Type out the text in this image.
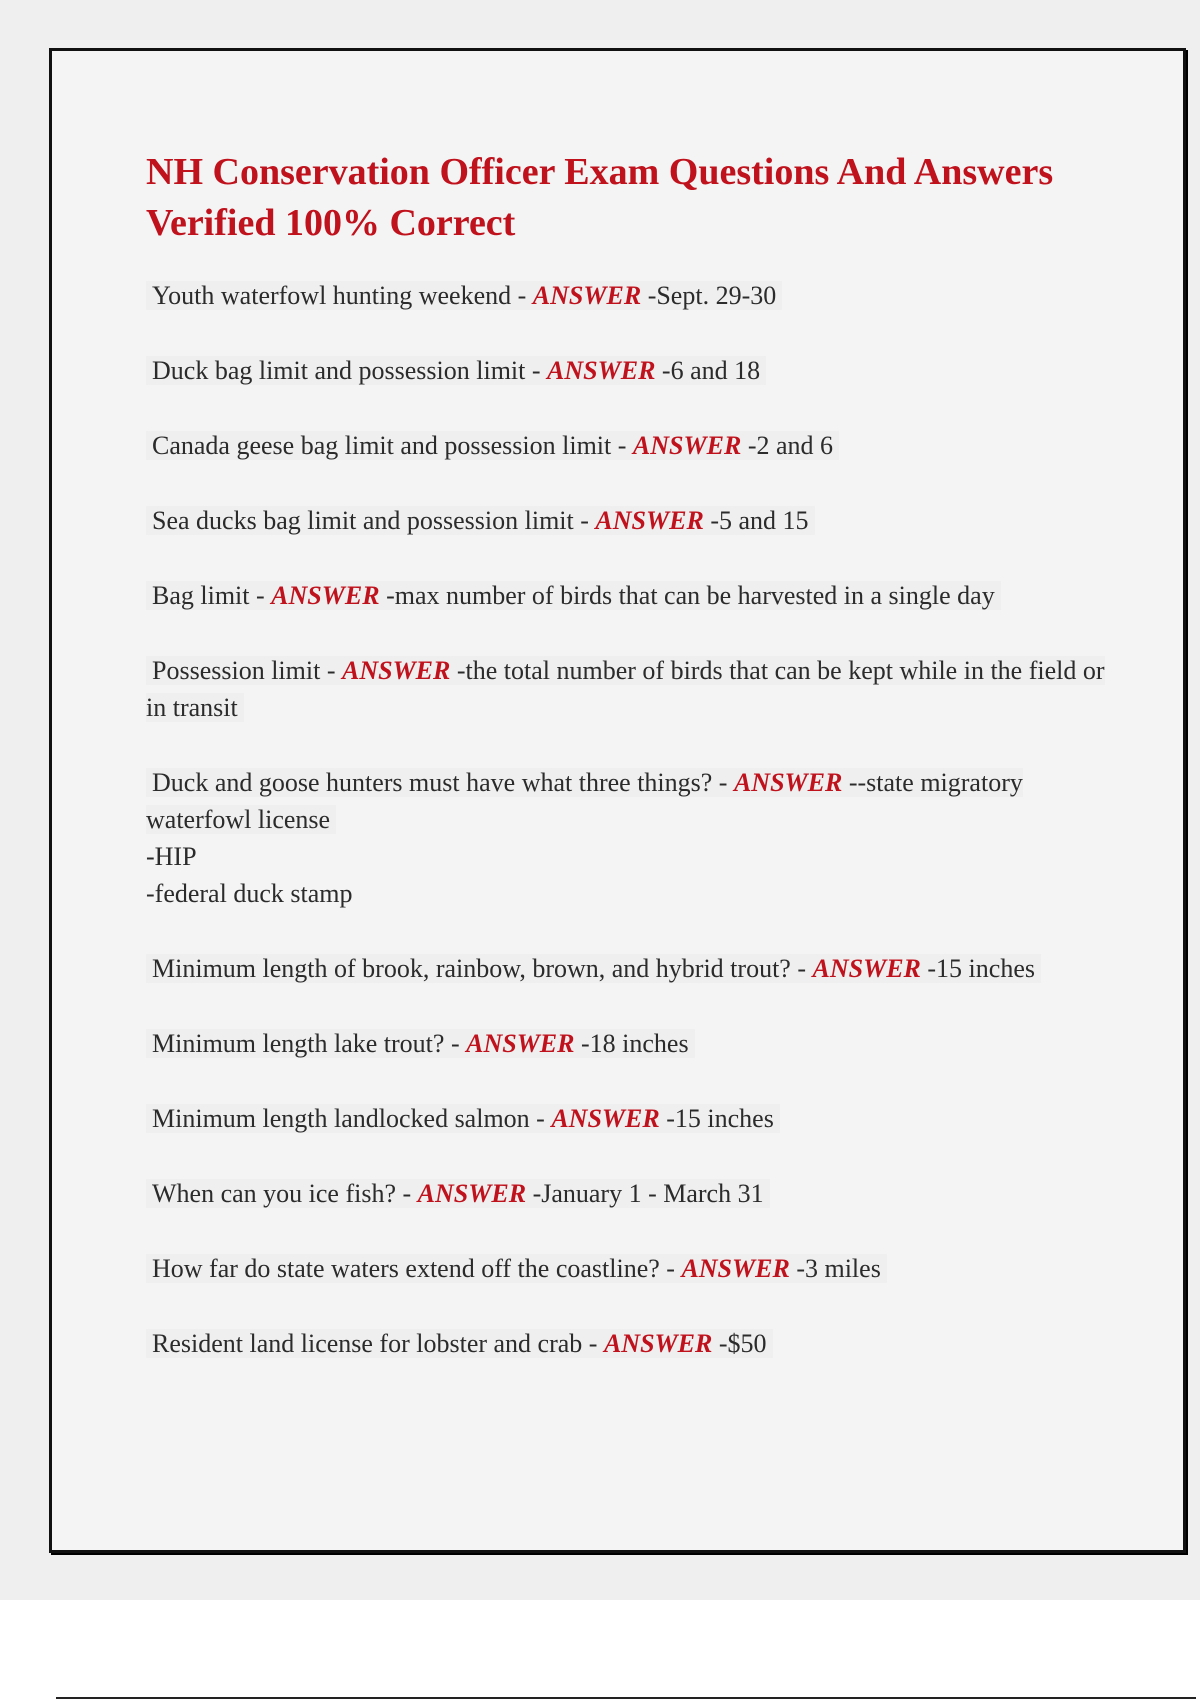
NH Conservation Officer Exam Questions And Answers Verified 100% Correct

Youth waterfowl hunting weekend - ANSWER -Sept. 29-30

Duck bag limit and possession limit - ANSWER -6 and 18

Canada geese bag limit and possession limit - ANSWER -2 and 6

Sea ducks bag limit and possession limit - ANSWER -5 and 15

Bag limit - ANSWER -max number of birds that can be harvested in a single day

Possession limit - ANSWER -the total number of birds that can be kept while in the field or in transit

Duck and goose hunters must have what three things? - ANSWER --state migratory waterfowl license
-HIP
-federal duck stamp

Minimum length of brook, rainbow, brown, and hybrid trout? - ANSWER -15 inches

Minimum length lake trout? - ANSWER -18 inches

Minimum length landlocked salmon - ANSWER -15 inches

When can you ice fish? - ANSWER -January 1 - March 31

How far do state waters extend off the coastline? - ANSWER -3 miles

Resident land license for lobster and crab - ANSWER -$50
